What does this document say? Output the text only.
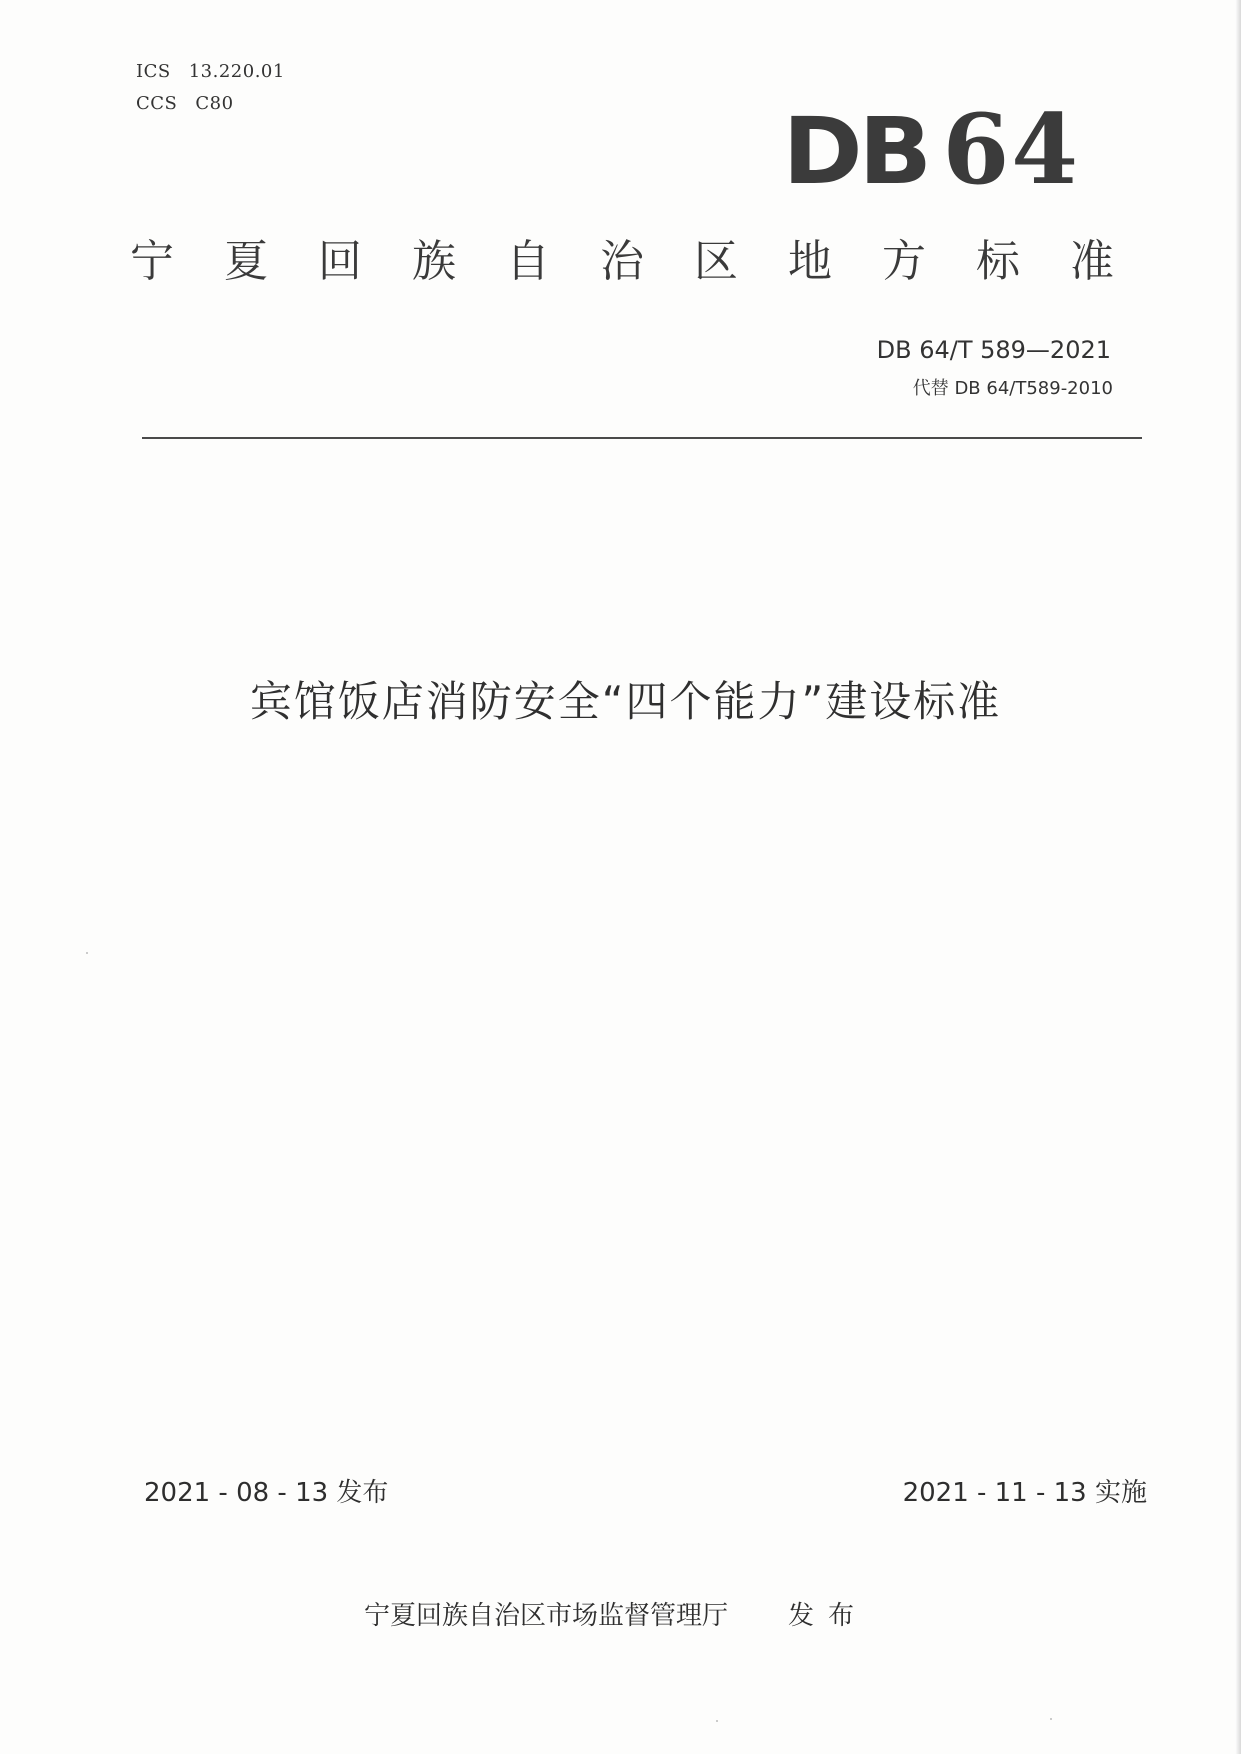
ICS 13.220.01
CCS C80	DB 64
宁夏回族自治区地方标准
DB 64/T 589—2021
代替 DB 64/T589-2010
宾馆饭店消防安全“四个能力”建设标准
2021 - 08 - 13 发布	2021 - 11 - 13 实施
宁夏回族自治区市场监督管理厅 发布
